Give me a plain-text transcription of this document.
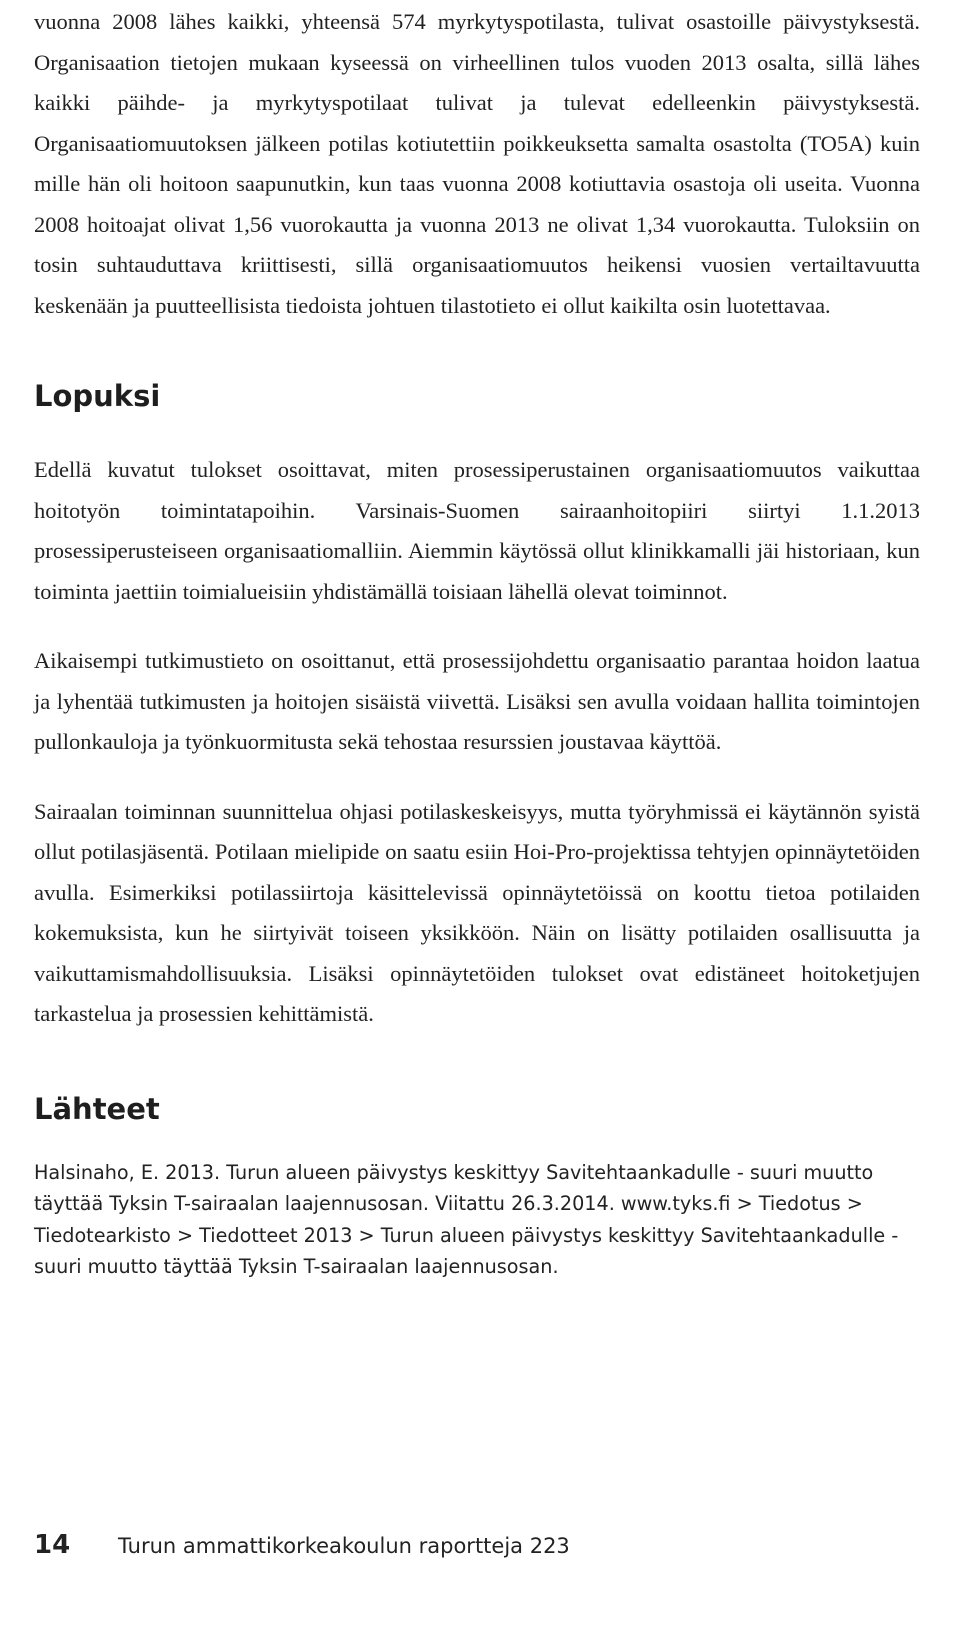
vuonna 2008 lähes kaikki, yhteensä 574 myrkytyspotilasta, tulivat osastoille päivystyksestä. Organisaation tietojen mukaan kyseessä on virheellinen tulos vuoden 2013 osalta, sillä lähes kaikki päihde- ja myrkytyspotilaat tulivat ja tulevat edelleenkin päivystyksestä. Organisaatiomuutoksen jälkeen potilas kotiutettiin poikkeuksetta samalta osastolta (TO5A) kuin mille hän oli hoitoon saapunutkin, kun taas vuonna 2008 kotiuttavia osastoja oli useita. Vuonna 2008 hoitoajat olivat 1,56 vuorokautta ja vuonna 2013 ne olivat 1,34 vuorokautta. Tuloksiin on tosin suhtauduttava kriittisesti, sillä organisaatiomuutos heikensi vuosien vertailtavuutta keskenään ja puutteellisista tiedoista johtuen tilastotieto ei ollut kaikilta osin luotettavaa.

Lopuksi

Edellä kuvatut tulokset osoittavat, miten prosessiperustainen organisaatiomuutos vaikuttaa hoitotyön toimintatapoihin. Varsinais-Suomen sairaanhoitopiiri siirtyi 1.1.2013 prosessiperusteiseen organisaatiomalliin. Aiemmin käytössä ollut klinikkamalli jäi historiaan, kun toiminta jaettiin toimialueisiin yhdistämällä toisiaan lähellä olevat toiminnot.

Aikaisempi tutkimustieto on osoittanut, että prosessijohdettu organisaatio parantaa hoidon laatua ja lyhentää tutkimusten ja hoitojen sisäistä viivettä. Lisäksi sen avulla voidaan hallita toimintojen pullonkauloja ja työnkuormitusta sekä tehostaa resurssien joustavaa käyttöä.

Sairaalan toiminnan suunnittelua ohjasi potilaskeskeisyys, mutta työryhmissä ei käytännön syistä ollut potilasjäsentä. Potilaan mielipide on saatu esiin Hoi-Pro-projektissa tehtyjen opinnäytetöiden avulla. Esimerkiksi potilassiirtoja käsittelevissä opinnäytetöissä on koottu tietoa potilaiden kokemuksista, kun he siirtyivät toiseen yksikköön. Näin on lisätty potilaiden osallisuutta ja vaikuttamismahdollisuuksia. Lisäksi opinnäytetöiden tulokset ovat edistäneet hoitoketjujen tarkastelua ja prosessien kehittämistä.

Lähteet

Halsinaho, E. 2013. Turun alueen päivystys keskittyy Savitehtaankadulle - suuri muutto täyttää Tyksin T-sairaalan laajennusosan. Viitattu 26.3.2014. www.tyks.fi > Tiedotus > Tiedotearkisto > Tiedotteet 2013 > Turun alueen päivystys keskittyy Savitehtaankadulle - suuri muutto täyttää Tyksin T-sairaalan laajennusosan.

14	Turun ammattikorkeakoulun raportteja 223
